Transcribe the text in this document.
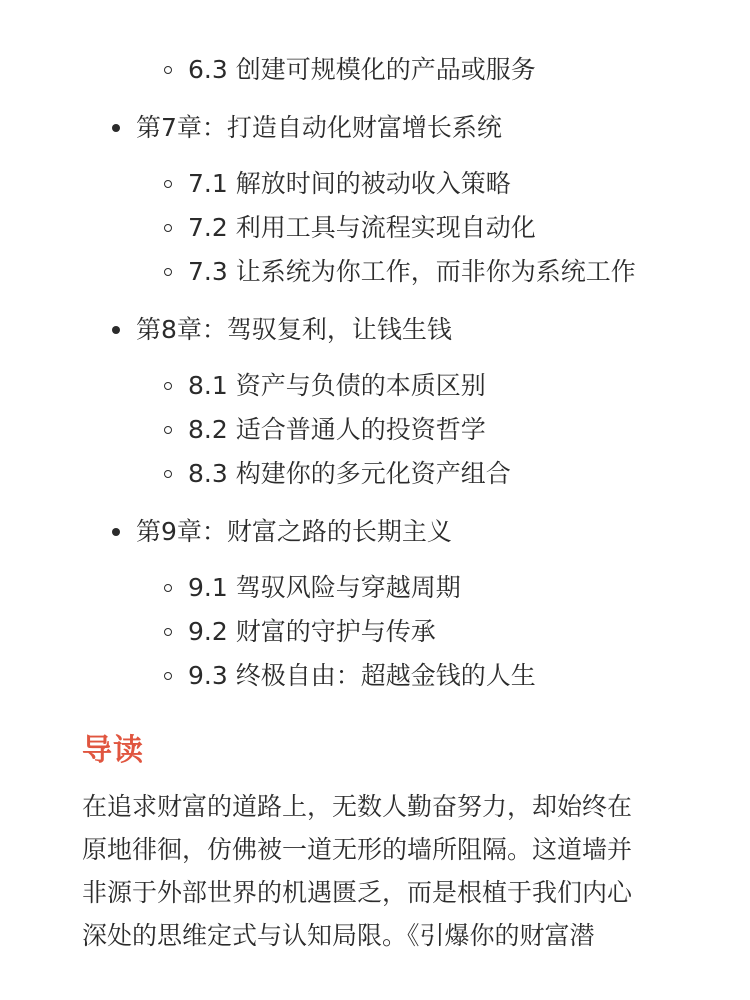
6.3 创建可规模化的产品或服务
第7章：打造自动化财富增长系统
7.1 解放时间的被动收入策略
7.2 利用工具与流程实现自动化
7.3 让系统为你工作，而非你为系统工作
第8章：驾驭复利，让钱生钱
8.1 资产与负债的本质区别
8.2 适合普通人的投资哲学
8.3 构建你的多元化资产组合
第9章：财富之路的长期主义
9.1 驾驭风险与穿越周期
9.2 财富的守护与传承
9.3 终极自由：超越金钱的人生
导读
在追求财富的道路上，无数人勤奋努力，却始终在
原地徘徊，仿佛被一道无形的墙所阻隔。这道墙并
非源于外部世界的机遇匮乏，而是根植于我们内心
深处的思维定式与认知局限。《引爆你的财富潜
